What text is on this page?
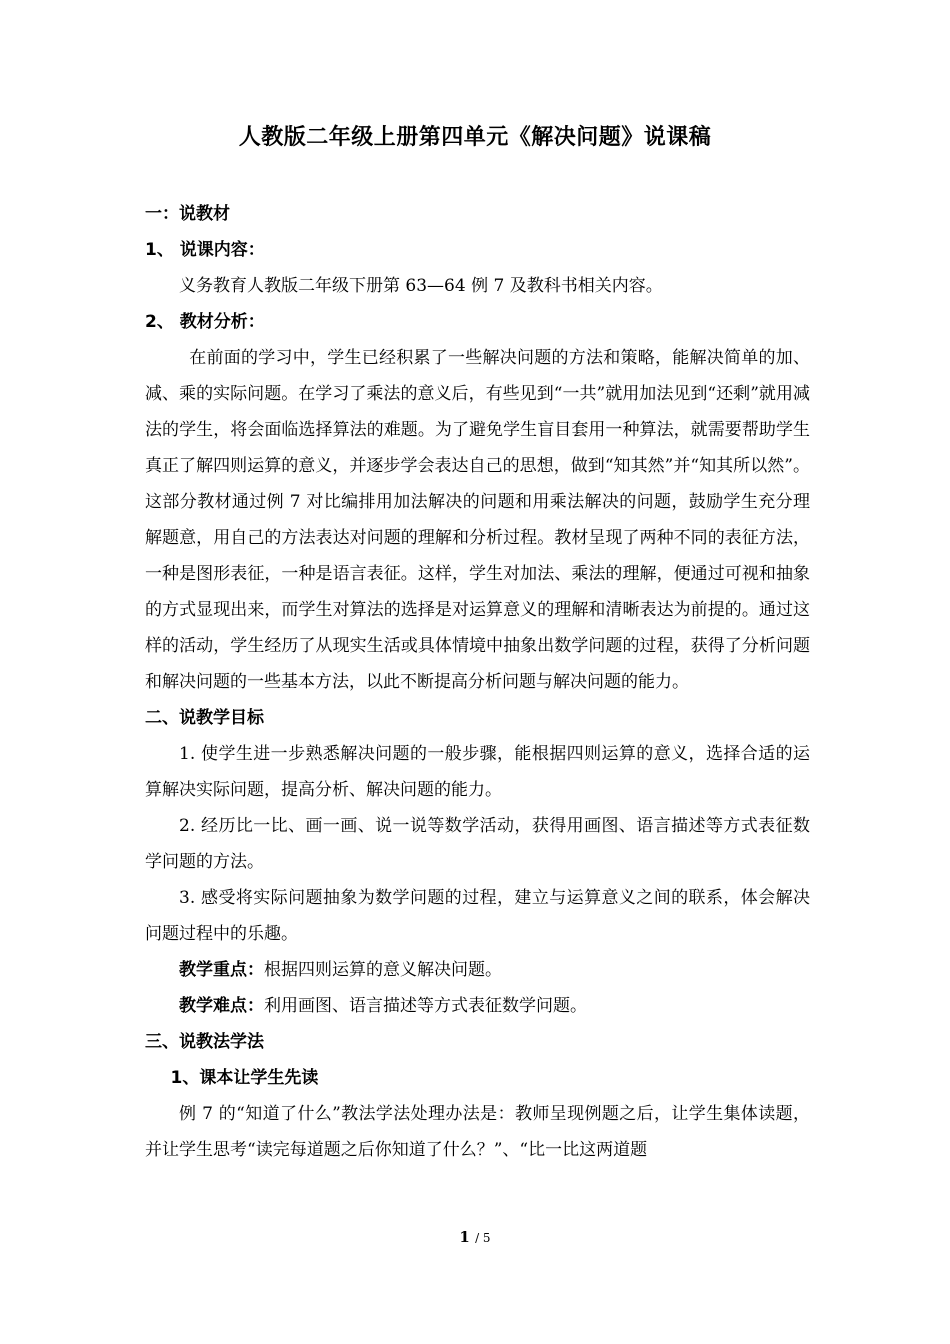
人教版二年级上册第四单元《解决问题》说课稿

一：说教材

1、 说课内容：

义务教育人教版二年级下册第 63—64 例 7 及教科书相关内容。

2、 教材分析：

在前面的学习中，学生已经积累了一些解决问题的方法和策略，能解决简单的加、减、乘的实际问题。在学习了乘法的意义后，有些见到“一共”就用加法见到“还剩”就用减法的学生，将会面临选择算法的难题。为了避免学生盲目套用一种算法，就需要帮助学生真正了解四则运算的意义，并逐步学会表达自己的思想，做到“知其然”并“知其所以然”。这部分教材通过例 7 对比编排用加法解决的问题和用乘法解决的问题，鼓励学生充分理解题意，用自己的方法表达对问题的理解和分析过程。教材呈现了两种不同的表征方法，一种是图形表征，一种是语言表征。这样，学生对加法、乘法的理解，便通过可视和抽象的方式显现出来，而学生对算法的选择是对运算意义的理解和清晰表达为前提的。通过这样的活动，学生经历了从现实生活或具体情境中抽象出数学问题的过程，获得了分析问题和解决问题的一些基本方法，以此不断提高分析问题与解决问题的能力。

二、说教学目标

1. 使学生进一步熟悉解决问题的一般步骤，能根据四则运算的意义，选择合适的运算解决实际问题，提高分析、解决问题的能力。

2. 经历比一比、画一画、说一说等数学活动，获得用画图、语言描述等方式表征数学问题的方法。

3. 感受将实际问题抽象为数学问题的过程，建立与运算意义之间的联系，体会解决问题过程中的乐趣。

教学重点：根据四则运算的意义解决问题。

教学难点：利用画图、语言描述等方式表征数学问题。

三、说教法学法

1、课本让学生先读

例 7 的“知道了什么”教法学法处理办法是：教师呈现例题之后，让学生集体读题，并让学生思考“读完每道题之后你知道了什么？”、“比一比这两道题

1 / 5
